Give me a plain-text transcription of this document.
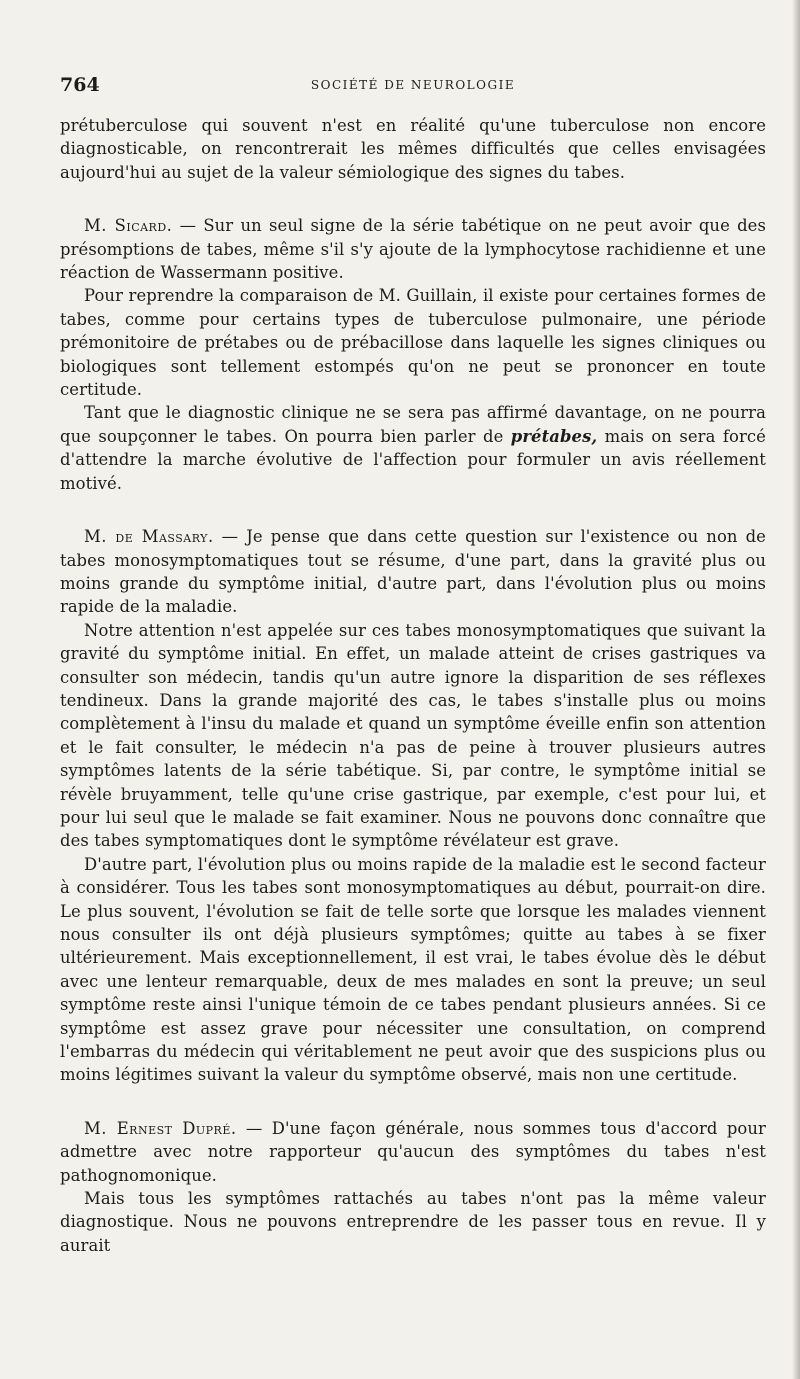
764	SOCIÉTÉ DE NEUROLOGIE

prétuberculose qui souvent n'est en réalité qu'une tuberculose non encore diagnosticable, on rencontrerait les mêmes difficultés que celles envisagées aujourd'hui au sujet de la valeur sémiologique des signes du tabes.

M. Sicard. — Sur un seul signe de la série tabétique on ne peut avoir que des présomptions de tabes, même s'il s'y ajoute de la lymphocytose rachidienne et une réaction de Wassermann positive.

Pour reprendre la comparaison de M. Guillain, il existe pour certaines formes de tabes, comme pour certains types de tuberculose pulmonaire, une période prémonitoire de prétabes ou de prébacillose dans laquelle les signes cliniques ou biologiques sont tellement estompés qu'on ne peut se prononcer en toute certitude.

Tant que le diagnostic clinique ne se sera pas affirmé davantage, on ne pourra que soupçonner le tabes. On pourra bien parler de prétabes, mais on sera forcé d'attendre la marche évolutive de l'affection pour formuler un avis réellement motivé.

M. de Massary. — Je pense que dans cette question sur l'existence ou non de tabes monosymptomatiques tout se résume, d'une part, dans la gravité plus ou moins grande du symptôme initial, d'autre part, dans l'évolution plus ou moins rapide de la maladie.

Notre attention n'est appelée sur ces tabes monosymptomatiques que suivant la gravité du symptôme initial. En effet, un malade atteint de crises gastriques va consulter son médecin, tandis qu'un autre ignore la disparition de ses réflexes tendineux. Dans la grande majorité des cas, le tabes s'installe plus ou moins complètement à l'insu du malade et quand un symptôme éveille enfin son attention et le fait consulter, le médecin n'a pas de peine à trouver plusieurs autres symptômes latents de la série tabétique. Si, par contre, le symptôme initial se révèle bruyamment, telle qu'une crise gastrique, par exemple, c'est pour lui, et pour lui seul que le malade se fait examiner. Nous ne pouvons donc connaître que des tabes symptomatiques dont le symptôme révélateur est grave.

D'autre part, l'évolution plus ou moins rapide de la maladie est le second facteur à considérer. Tous les tabes sont monosymptomatiques au début, pourrait-on dire. Le plus souvent, l'évolution se fait de telle sorte que lorsque les malades viennent nous consulter ils ont déjà plusieurs symptômes; quitte au tabes à se fixer ultérieurement. Mais exceptionnellement, il est vrai, le tabes évolue dès le début avec une lenteur remarquable, deux de mes malades en sont la preuve; un seul symptôme reste ainsi l'unique témoin de ce tabes pendant plusieurs années. Si ce symptôme est assez grave pour nécessiter une consultation, on comprend l'embarras du médecin qui véritablement ne peut avoir que des suspicions plus ou moins légitimes suivant la valeur du symptôme observé, mais non une certitude.

M. Ernest Dupré. — D'une façon générale, nous sommes tous d'accord pour admettre avec notre rapporteur qu'aucun des symptômes du tabes n'est pathognomonique.

Mais tous les symptômes rattachés au tabes n'ont pas la même valeur diagnostique. Nous ne pouvons entreprendre de les passer tous en revue. Il y aurait
